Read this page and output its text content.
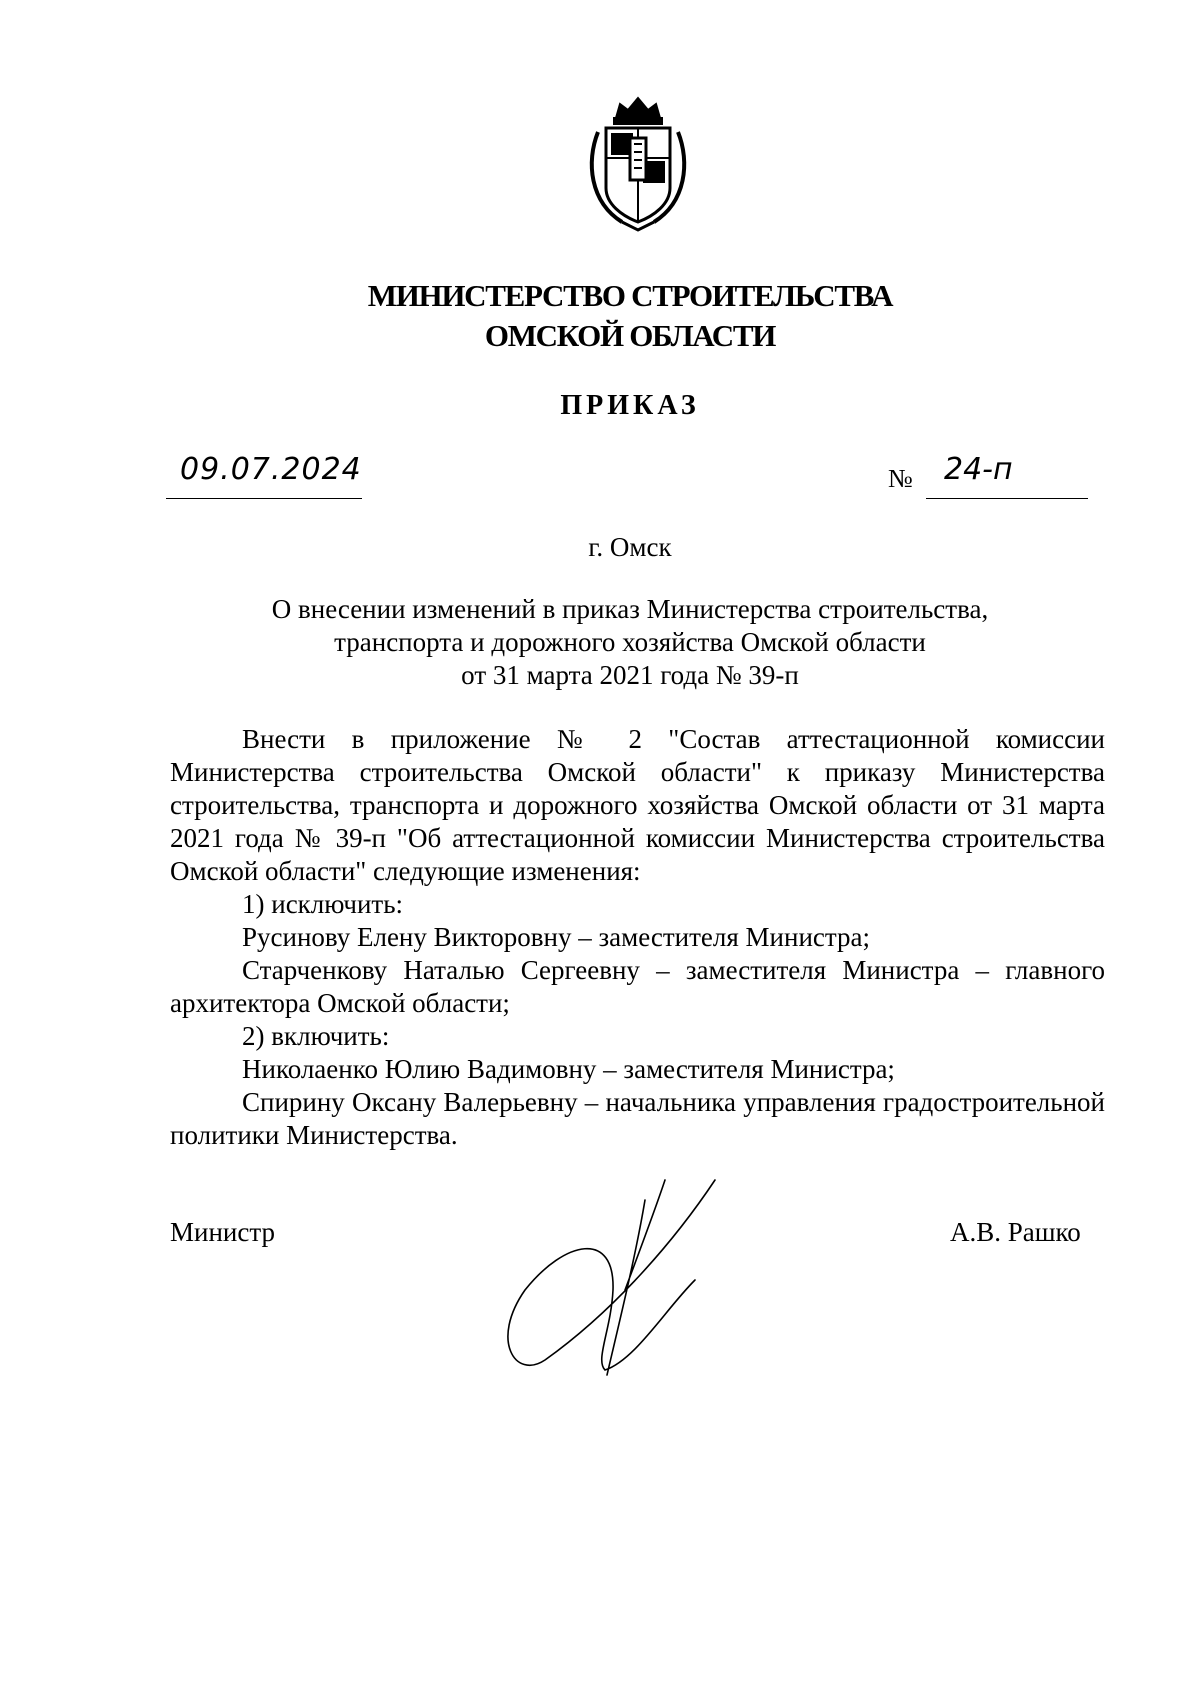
МИНИСТЕРСТВО СТРОИТЕЛЬСТВА
ОМСКОЙ ОБЛАСТИ
ПРИКАЗ
09.07.2024	№ 24-п
г. Омск
О внесении изменений в приказ Министерства строительства,
транспорта и дорожного хозяйства Омской области
от 31 марта 2021 года № 39-п

Внести в приложение № 2 "Состав аттестационной комиссии Министерства строительства Омской области" к приказу Министерства строительства, транспорта и дорожного хозяйства Омской области от 31 марта 2021 года № 39-п "Об аттестационной комиссии Министерства строительства Омской области" следующие изменения:

1) исключить:

Русинову Елену Викторовну – заместителя Министра;

Старченкову Наталью Сергеевну – заместителя Министра – главного архитектора Омской области;

2) включить:

Николаенко Юлию Вадимовну – заместителя Министра;

Спирину Оксану Валерьевну – начальника управления градостроительной политики Министерства.

Министр	А.В. Рашко
